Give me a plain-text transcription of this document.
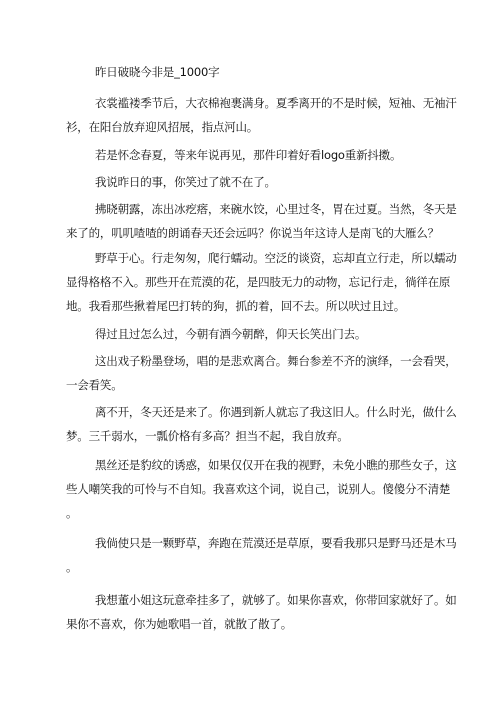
昨日破晓今非是_1000字
衣裳褴褛季节后，大衣棉袍裹满身。夏季离开的不是时候，短袖、无袖汗
衫，在阳台放弃迎风招展，指点河山。
若是怀念春夏，等来年说再见，那件印着好看logo重新抖擞。
我说昨日的事，你笑过了就不在了。
拂晓朝露，冻出冰疙瘩，来碗水饺，心里过冬，胃在过夏。当然，冬天是
来了的，叽叽喳喳的朗诵春天还会远吗？你说当年这诗人是南飞的大雁么？
野草于心。行走匆匆，爬行蠕动。空泛的谈资，忘却直立行走，所以蠕动
显得格格不入。那些开在荒漠的花，是四肢无力的动物，忘记行走，徜徉在原
地。我看那些揪着尾巴打转的狗，抓的着，回不去。所以吠过且过。
得过且过怎么过，今朝有酒今朝醉，仰天长笑出门去。
这出戏子粉墨登场，唱的是悲欢离合。舞台参差不齐的演绎，一会看哭，
一会看笑。
离不开，冬天还是来了。你遇到新人就忘了我这旧人。什么时光，做什么
梦。三千弱水，一瓢价格有多高？担当不起，我自放弃。
黑丝还是豹纹的诱惑，如果仅仅开在我的视野，未免小瞧的那些女子，这
些人嘲笑我的可怜与不自知。我喜欢这个词，说自己，说别人。傻傻分不清楚
。
我倘使只是一颗野草，奔跑在荒漠还是草原，要看我那只是野马还是木马
。
我想董小姐这玩意牵挂多了，就够了。如果你喜欢，你带回家就好了。如
果你不喜欢，你为她歌唱一首，就散了散了。
